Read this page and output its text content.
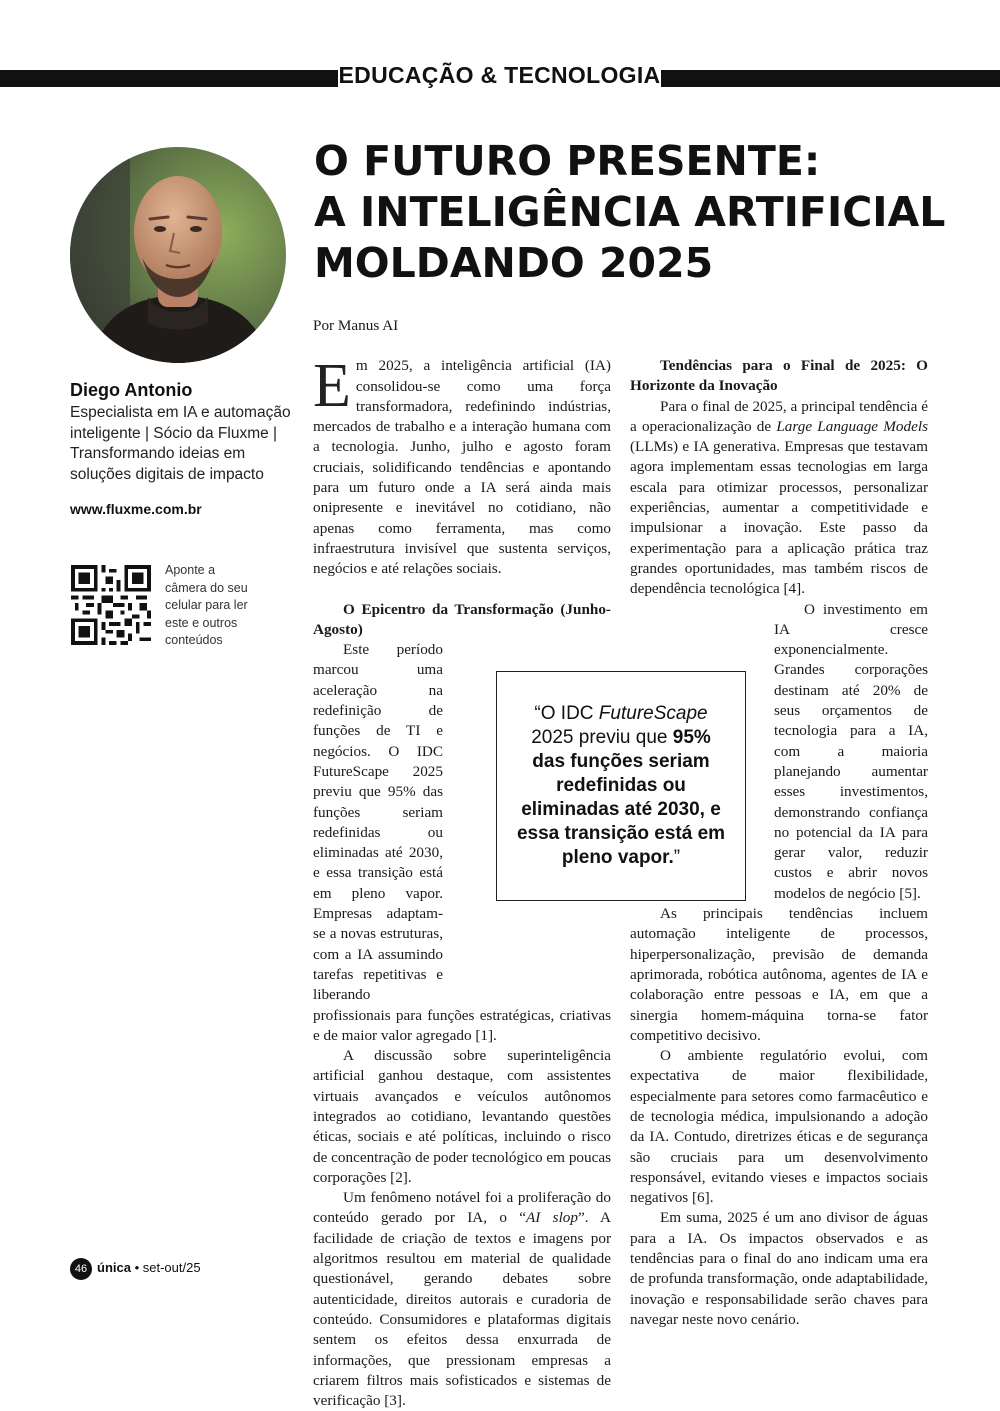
EDUCAÇÃO & TECNOLOGIA
O FUTURO PRESENTE:
A INTELIGÊNCIA ARTIFICIAL
MOLDANDO 2025
Diego Antonio
Especialista em IA e automação inteligente | Sócio da Fluxme | Transformando ideias em soluções digitais de impacto
www.fluxme.com.br
Aponte a câmera do seu celular para ler este e outros conteúdos

Por Manus AI

Em 2025, a inteligência artificial (IA) consolidou-se como uma força transformadora, redefinindo indústrias, mercados de trabalho e a interação humana com a tecnologia. Junho, julho e agosto foram cruciais, solidificando tendências e apontando para um futuro onde a IA será ainda mais onipresente e inevitável no cotidiano, não apenas como ferramenta, mas como infraestrutura invisível que sustenta serviços, negócios e até relações sociais.

O Epicentro da Transformação (Junho-Agosto)

Este período marcou uma aceleração na redefinição de funções de TI e negócios. O IDC FutureScape 2025 previu que 95% das funções seriam redefinidas ou eliminadas até 2030, e essa transição está em pleno vapor. Empresas adaptam-se a novas estruturas, com a IA assumindo tarefas repetitivas e liberando profissionais para funções estratégicas, criativas e de maior valor agregado [1].

A discussão sobre superinteligência artificial ganhou destaque, com assistentes virtuais avançados e veículos autônomos integrados ao cotidiano, levantando questões éticas, sociais e até políticas, incluindo o risco de concentração de poder tecnológico em poucas corporações [2].

Um fenômeno notável foi a proliferação do conteúdo gerado por IA, o “AI slop”. A facilidade de criação de textos e imagens por algoritmos resultou em material de qualidade questionável, gerando debates sobre autenticidade, direitos autorais e curadoria de conteúdo. Consumidores e plataformas digitais sentem os efeitos dessa enxurrada de informações, que pressionam empresas a criarem filtros mais sofisticados e sistemas de verificação [3].

Tendências para o Final de 2025: O Horizonte da Inovação

Para o final de 2025, a principal tendência é a operacionalização de Large Language Models (LLMs) e IA generativa. Empresas que testavam agora implementam essas tecnologias em larga escala para otimizar processos, personalizar experiências, aumentar a competitividade e impulsionar a inovação. Este passo da experimentação para a aplicação prática traz grandes oportunidades, mas também riscos de dependência tecnológica [4].

O investimento em IA cresce exponencialmente. Grandes corporações destinam até 20% de seus orçamentos de tecnologia para a IA, com a maioria planejando aumentar esses investimentos, demonstrando confiança no potencial da IA para gerar valor, reduzir custos e abrir novos modelos de negócio [5].

As principais tendências incluem automação inteligente de processos, hiperpersonalização, previsão de demanda aprimorada, robótica autônoma, agentes de IA e colaboração entre pessoas e IA, em que a sinergia homem-máquina torna-se fator competitivo decisivo.

O ambiente regulatório evolui, com expectativa de maior flexibilidade, especialmente para setores como farmacêutico e de tecnologia médica, impulsionando a adoção da IA. Contudo, diretrizes éticas e de segurança são cruciais para um desenvolvimento responsável, evitando vieses e impactos sociais negativos [6].

Em suma, 2025 é um ano divisor de águas para a IA. Os impactos observados e as tendências para o final do ano indicam uma era de profunda transformação, onde adaptabilidade, inovação e responsabilidade serão chaves para navegar neste novo cenário.

“O IDC FutureScape 2025 previu que 95% das funções seriam redefinidas ou eliminadas até 2030, e essa transição está em pleno vapor.”
46 única • set-out/25
